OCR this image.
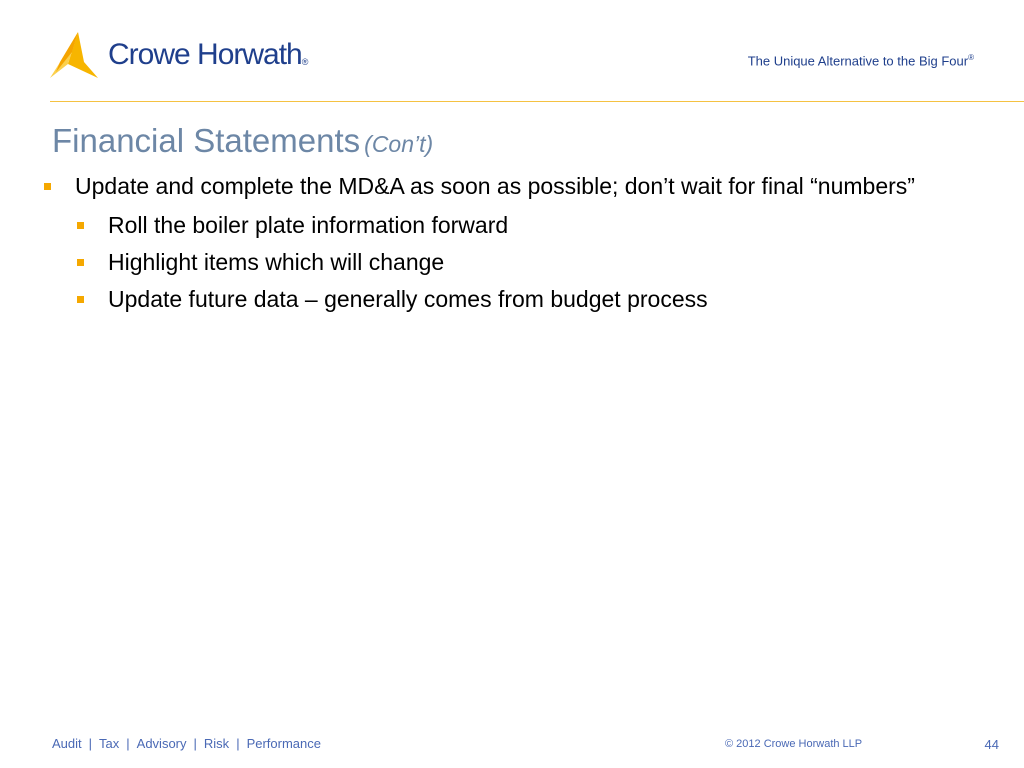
Crowe Horwath®	The Unique Alternative to the Big Four®
Financial Statements (Con’t)
Update and complete the MD&A as soon as possible; don’t wait for final “numbers”
Roll the boiler plate information forward
Highlight items which will change
Update future data – generally comes from budget process
Audit | Tax | Advisory | Risk | Performance	© 2012 Crowe Horwath LLP	44
